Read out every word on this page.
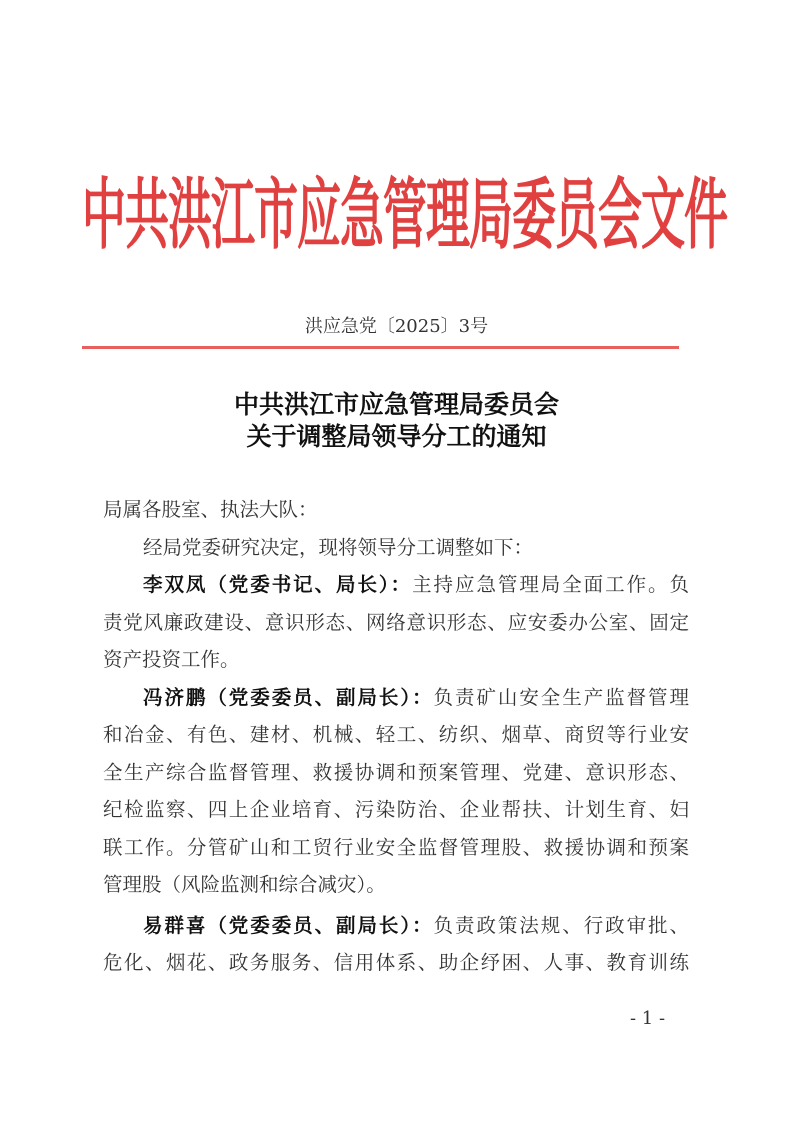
中共洪江市应急管理局委员会文件
洪应急党〔2025〕3号
中共洪江市应急管理局委员会
关于调整局领导分工的通知
局属各股室、执法大队：
经局党委研究决定，现将领导分工调整如下：
李双凤（党委书记、局长）：主持应急管理局全面工作。负
责党风廉政建设、意识形态、网络意识形态、应安委办公室、固定
资产投资工作。
冯济鹏（党委委员、副局长）：负责矿山安全生产监督管理
和冶金、有色、建材、机械、轻工、纺织、烟草、商贸等行业安
全生产综合监督管理、救援协调和预案管理、党建、意识形态、
纪检监察、四上企业培育、污染防治、企业帮扶、计划生育、妇
联工作。分管矿山和工贸行业安全监督管理股、救援协调和预案
管理股（风险监测和综合减灾）。
易群喜（党委委员、副局长）：负责政策法规、行政审批、
危化、烟花、政务服务、信用体系、助企纾困、人事、教育训练
- 1 -
